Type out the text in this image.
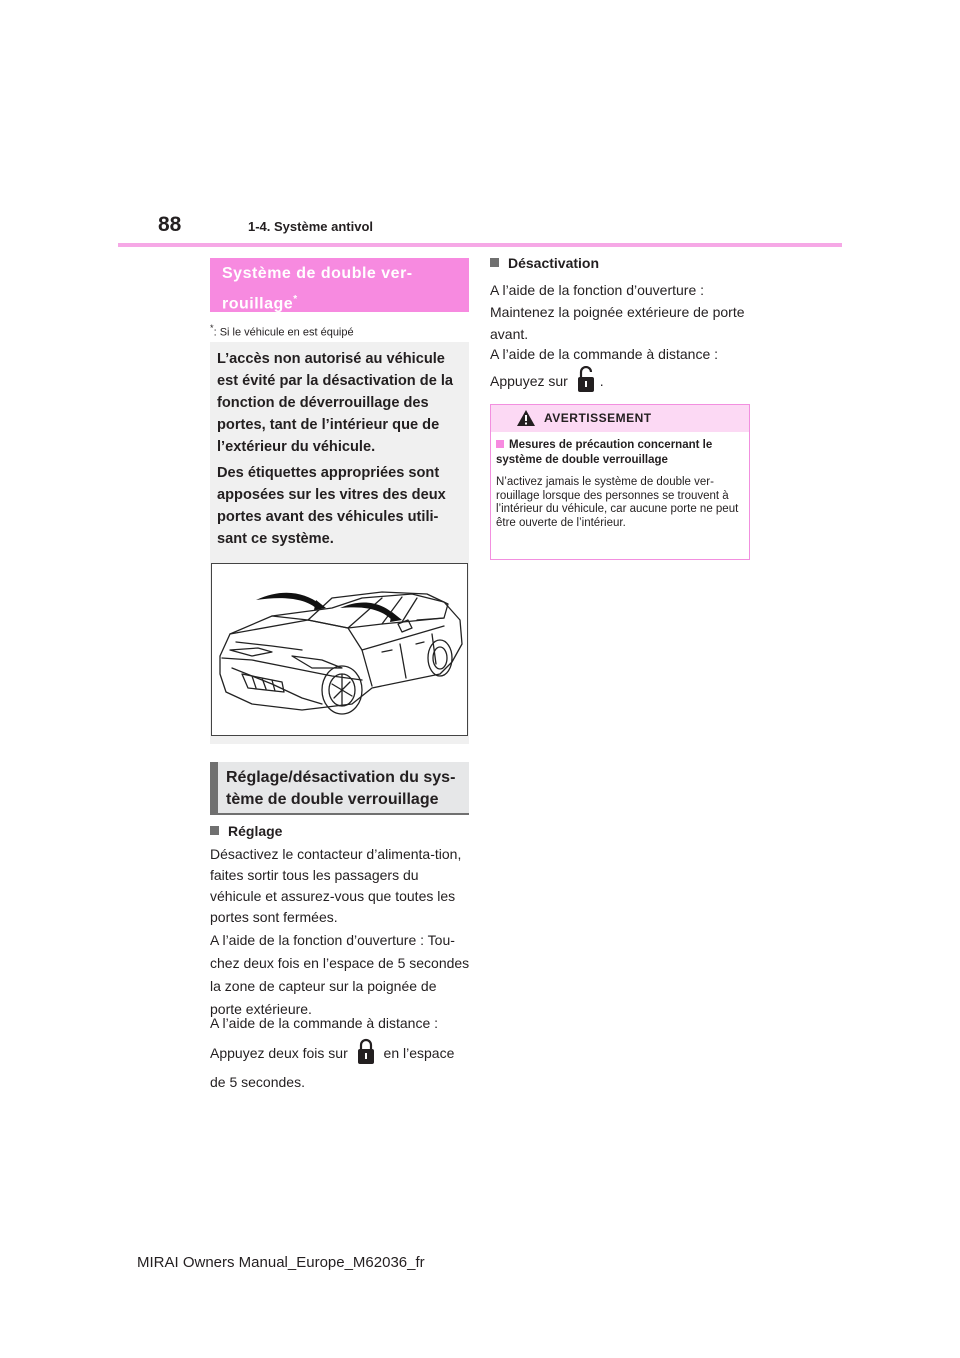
88	1-4. Système antivol
Système de double ver-
rouillage*
*: Si le véhicule en est équipé

L’accès non autorisé au véhicule est évité par la désactivation de la fonction de déverrouillage des portes, tant de l’intérieur que de l’extérieur du véhicule.

Des étiquettes appropriées sont apposées sur les vitres des deux portes avant des véhicules utili-sant ce système.

Réglage/désactivation du sys-tème de double verrouillage
Réglage
Désactivez le contacteur d’alimenta-tion, faites sortir tous les passagers du véhicule et assurez-vous que toutes les portes sont fermées.
A l’aide de la fonction d’ouverture : Tou-chez deux fois en l’espace de 5 secondes la zone de capteur sur la poignée de porte extérieure.
A l’aide de la commande à distance :
Appuyez deux fois sur	en l’espace de 5 secondes.
Désactivation
A l’aide de la fonction d’ouverture : Maintenez la poignée extérieure de porte avant.
A l’aide de la commande à distance :
Appuyez sur .
AVERTISSEMENT
Mesures de précaution concernant le système de double verrouillage
N’activez jamais le système de double ver-rouillage lorsque des personnes se trouvent à l’intérieur du véhicule, car aucune porte ne peut être ouverte de l’intérieur.
MIRAI Owners Manual_Europe_M62036_fr
